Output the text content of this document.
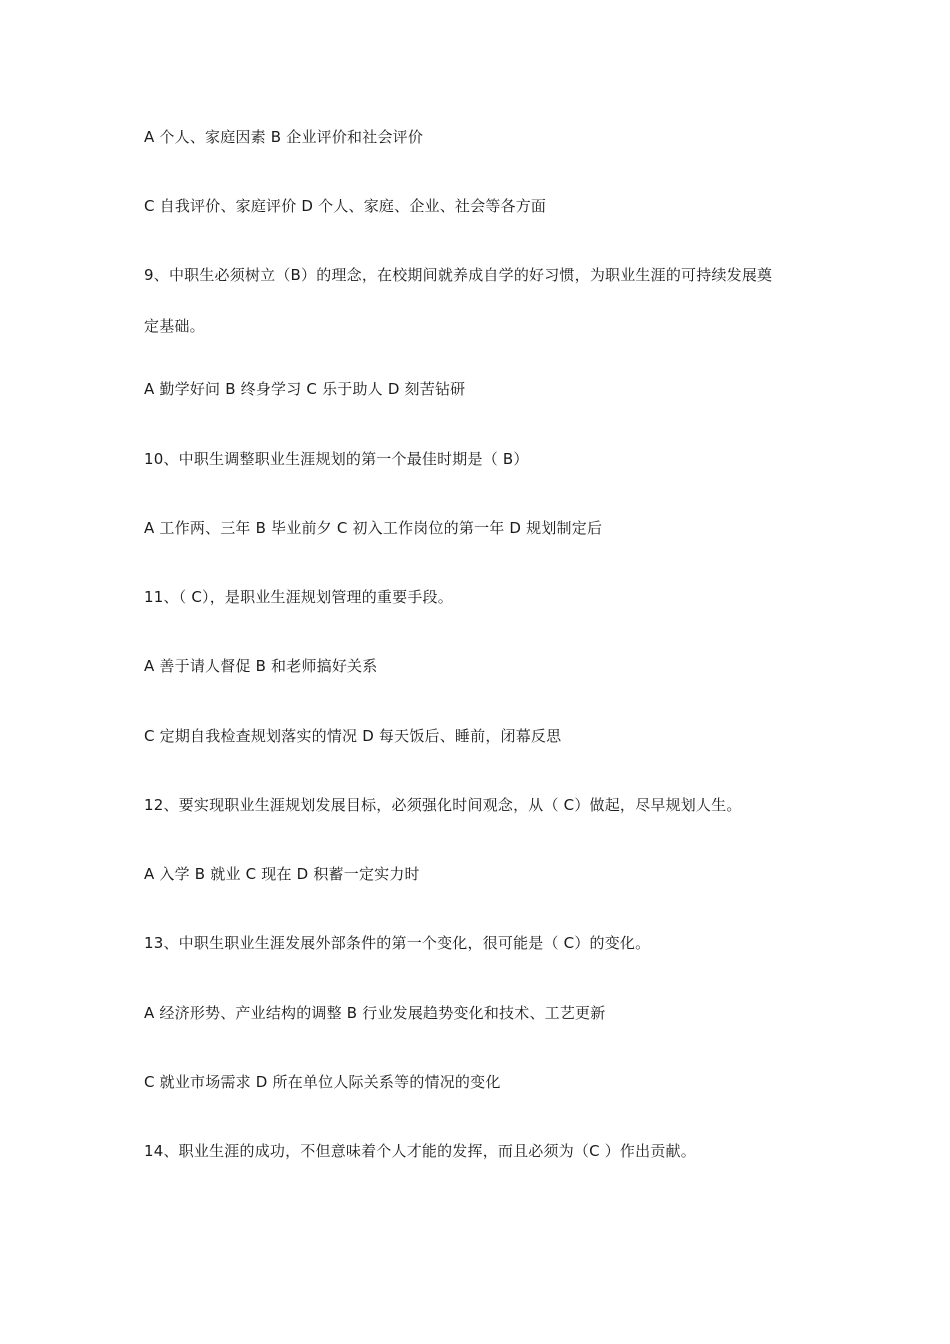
A 个人、家庭因素 B 企业评价和社会评价
C 自我评价、家庭评价 D 个人、家庭、企业、社会等各方面
9、中职生必须树立（B）的理念，在校期间就养成自学的好习惯，为职业生涯的可持续发展奠
定基础。
A 勤学好问 B 终身学习 C 乐于助人 D 刻苦钻研
10、中职生调整职业生涯规划的第一个最佳时期是（ B）
A 工作两、三年 B 毕业前夕 C 初入工作岗位的第一年 D 规划制定后
11、（ C），是职业生涯规划管理的重要手段。
A 善于请人督促 B 和老师搞好关系
C 定期自我检查规划落实的情况 D 每天饭后、睡前，闭幕反思
12、要实现职业生涯规划发展目标，必须强化时间观念，从（ C）做起，尽早规划人生。
A 入学 B 就业 C 现在 D 积蓄一定实力时
13、中职生职业生涯发展外部条件的第一个变化，很可能是（ C）的变化。
A 经济形势、产业结构的调整 B 行业发展趋势变化和技术、工艺更新
C 就业市场需求 D 所在单位人际关系等的情况的变化
14、职业生涯的成功，不但意味着个人才能的发挥，而且必须为（C ）作出贡献。
